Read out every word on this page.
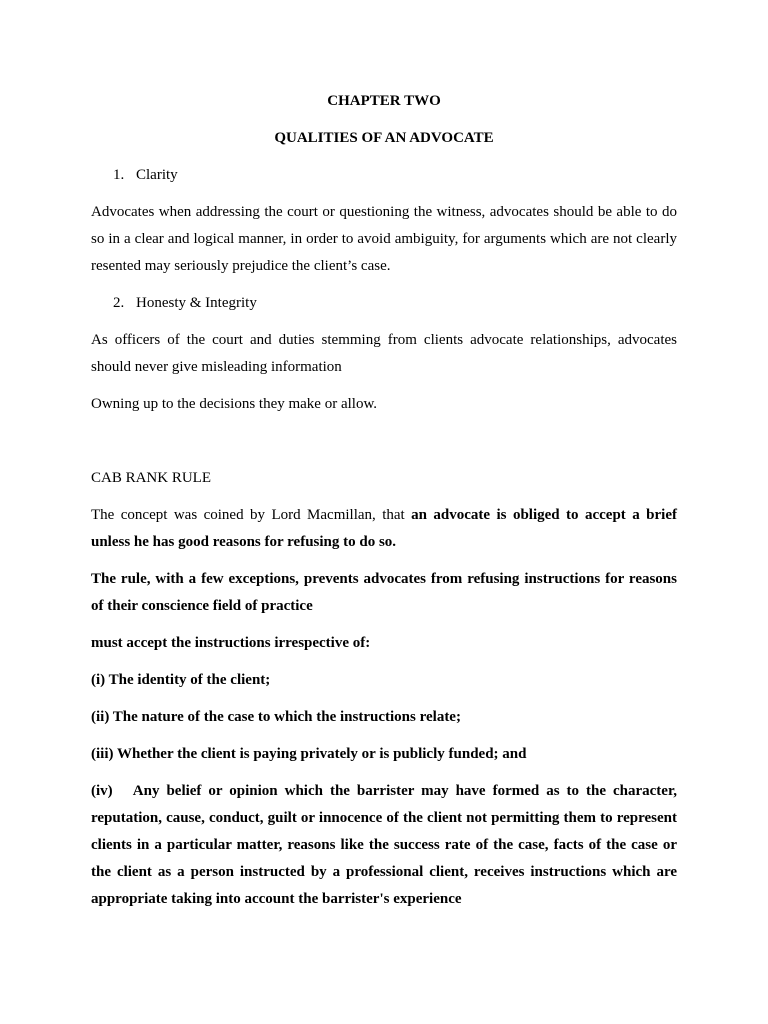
CHAPTER TWO
QUALITIES OF AN ADVOCATE
1. Clarity

Advocates when addressing the court or questioning the witness, advocates should be able to do so in a clear and logical manner, in order to avoid ambiguity, for arguments which are not clearly resented may seriously prejudice the client’s case.

2. Honesty & Integrity

As officers of the court and duties stemming from clients advocate relationships, advocates should never give misleading information

Owning up to the decisions they make or allow.

CAB RANK RULE

The concept was coined by Lord Macmillan, that an advocate is obliged to accept a brief unless he has good reasons for refusing to do so.

The rule, with a few exceptions, prevents advocates from refusing instructions for reasons of their conscience field of practice

must accept the instructions irrespective of:

(i) The identity of the client;

(ii) The nature of the case to which the instructions relate;

(iii) Whether the client is paying privately or is publicly funded; and

(iv)   Any belief or opinion which the barrister may have formed as to the character, reputation, cause, conduct, guilt or innocence of the client not permitting them to represent clients in a particular matter, reasons like the success rate of the case, facts of the case or the client as a person instructed by a professional client, receives instructions which are appropriate taking into account the barrister's experience
